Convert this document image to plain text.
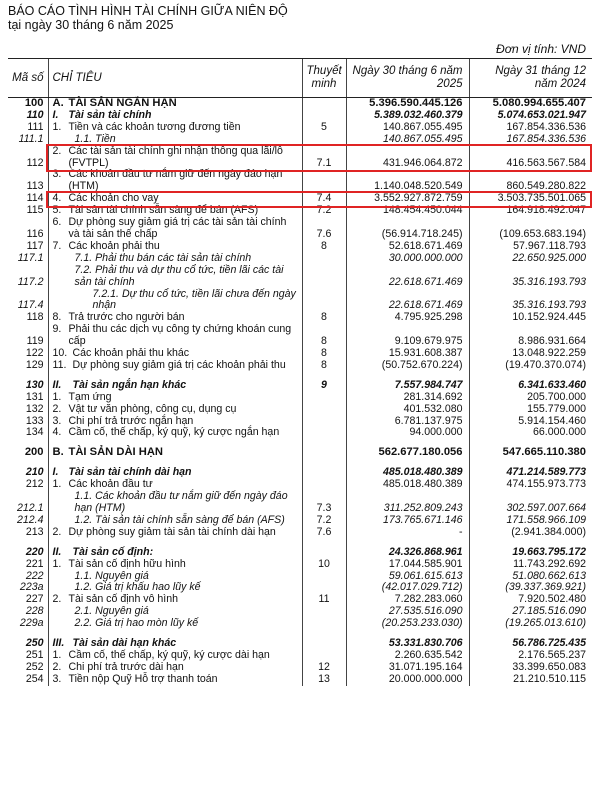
BÁO CÁO TÌNH HÌNH TÀI CHÍNH GIỮA NIÊN ĐỘ
tại ngày 30 tháng 6 năm 2025
Đơn vị tính: VND
Mã số	CHỈ TIÊU	Thuyết minh	Ngày 30 tháng 6 năm 2025	Ngày 31 tháng 12 năm 2024
100	A. TÀI SẢN NGẮN HẠN		5.396.590.445.126	5.080.994.655.407
110	I. Tài sản tài chính		5.389.032.460.379	5.074.653.021.947
111	1. Tiền và các khoản tương đương tiền	5	140.867.055.495	167.854.336.536
111.1	1.1. Tiền		140.867.055.495	167.854.336.536
112	2. Các tài sản tài chính ghi nhận thông qua lãi/lỗ (FVTPL)	7.1	431.946.064.872	416.563.567.584
113	3. Các khoản đầu tư nắm giữ đến ngày đáo hạn (HTM)		1.140.048.520.549	860.549.280.822
114	4. Các khoản cho vay	7.4	3.552.927.872.759	3.503.735.501.065
115	5. Tài sản tài chính sẵn sàng để bán (AFS)	7.2	148.454.450.044	164.918.492.047
116	6. Dự phòng suy giảm giá trị các tài sản tài chính và tài sản thế chấp	7.6	(56.914.718.245)	(109.653.683.194)
117	7. Các khoản phải thu	8	52.618.671.469	57.967.118.793
117.1	7.1. Phải thu bán các tài sản tài chính		30.000.000.000	22.650.925.000
117.2	7.2. Phải thu và dự thu cổ tức, tiền lãi các tài sản tài chính		22.618.671.469	35.316.193.793
117.4	7.2.1. Dự thu cổ tức, tiền lãi chưa đến ngày nhận		22.618.671.469	35.316.193.793
118	8. Trả trước cho người bán	8	4.795.925.298	10.152.924.445
119	9. Phải thu các dịch vụ công ty chứng khoán cung cấp	8	9.109.679.975	8.986.931.664
122	10. Các khoản phải thu khác	8	15.931.608.387	13.048.922.259
129	11. Dự phòng suy giảm giá trị các khoản phải thu	8	(50.752.670.224)	(19.470.370.074)

130	II. Tài sản ngắn hạn khác	9	7.557.984.747	6.341.633.460
131	1. Tạm ứng		281.314.692	205.700.000
132	2. Vật tư văn phòng, công cụ, dụng cụ		401.532.080	155.779.000
133	3. Chi phí trả trước ngắn hạn		6.781.137.975	5.914.154.460
134	4. Cầm cố, thế chấp, ký quỹ, ký cược ngắn hạn		94.000.000	66.000.000

200	B. TÀI SẢN DÀI HẠN		562.677.180.056	547.665.110.380

210	I. Tài sản tài chính dài hạn		485.018.480.389	471.214.589.773
212	1. Các khoản đầu tư		485.018.480.389	474.155.973.773
212.1	1.1. Các khoản đầu tư nắm giữ đến ngày đáo hạn (HTM)	7.3	311.252.809.243	302.597.007.664
212.4	1.2. Tài sản tài chính sẵn sàng để bán (AFS)	7.2	173.765.671.146	171.558.966.109
213	2. Dự phòng suy giảm tài sản tài chính dài hạn	7.6	-	(2.941.384.000)

220	II. Tài sản cố định:		24.326.868.961	19.663.795.172
221	1. Tài sản cố định hữu hình	10	17.044.585.901	11.743.292.692
222	1.1. Nguyên giá		59.061.615.613	51.080.662.613
223a	1.2. Giá trị khấu hao lũy kế		(42.017.029.712)	(39.337.369.921)
227	2. Tài sản cố định vô hình	11	7.282.283.060	7.920.502.480
228	2.1. Nguyên giá		27.535.516.090	27.185.516.090
229a	2.2. Giá trị hao mòn lũy kế		(20.253.233.030)	(19.265.013.610)

250	III. Tài sản dài hạn khác		53.331.830.706	56.786.725.435
251	1. Cầm cố, thế chấp, ký quỹ, ký cược dài hạn		2.260.635.542	2.176.565.237
252	2. Chi phí trả trước dài hạn	12	31.071.195.164	33.399.650.083
254	3. Tiền nộp Quỹ Hỗ trợ thanh toán	13	20.000.000.000	21.210.510.115
